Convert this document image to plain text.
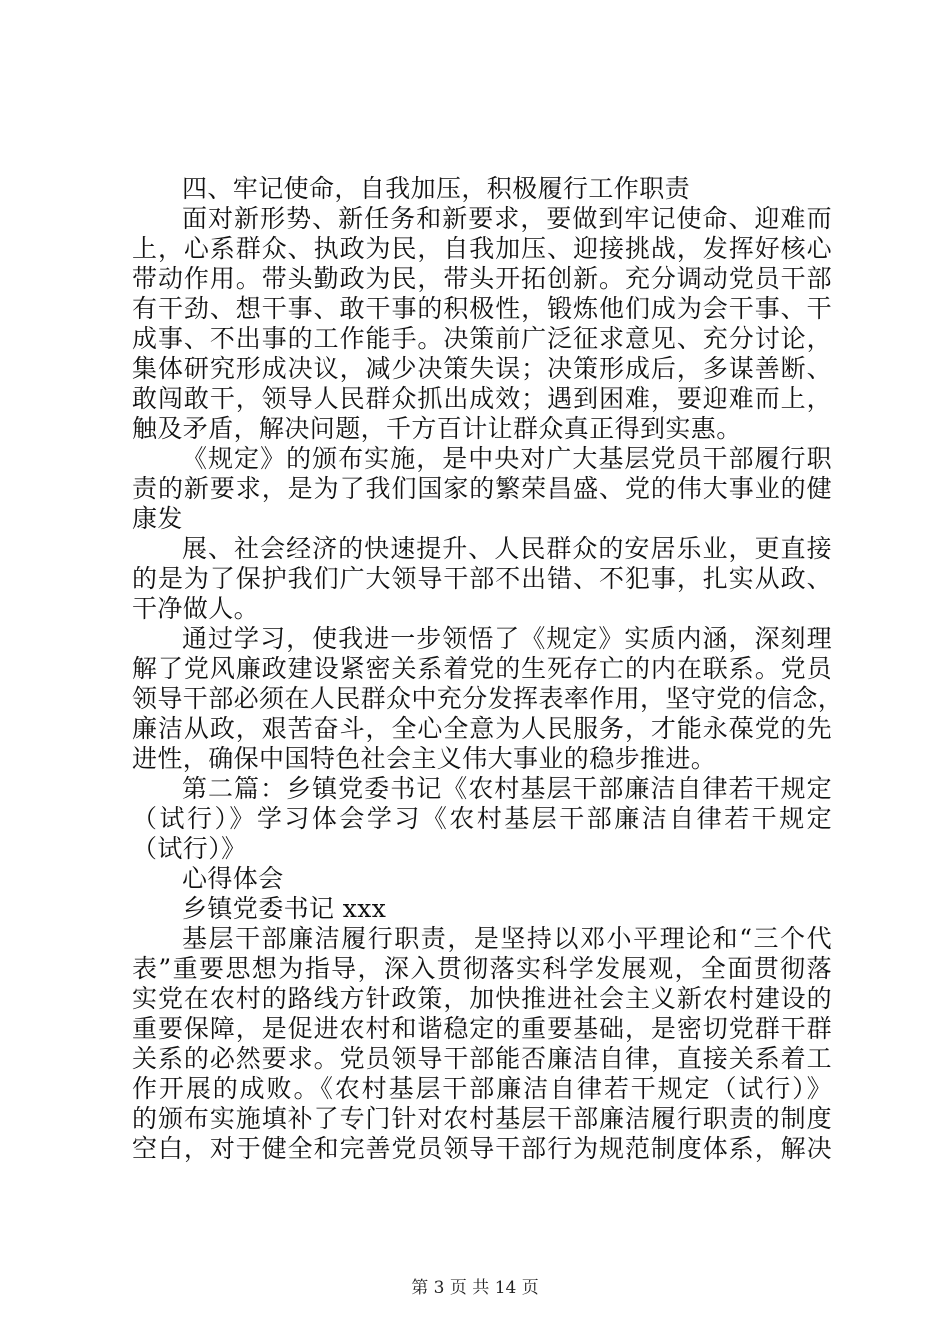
四、牢记使命，自我加压，积极履行工作职责
面对新形势、新任务和新要求，要做到牢记使命、迎难而
上，心系群众、执政为民，自我加压、迎接挑战，发挥好核心
带动作用。带头勤政为民，带头开拓创新。充分调动党员干部
有干劲、想干事、敢干事的积极性，锻炼他们成为会干事、干
成事、不出事的工作能手。决策前广泛征求意见、充分讨论，
集体研究形成决议，减少决策失误；决策形成后，多谋善断、
敢闯敢干，领导人民群众抓出成效；遇到困难，要迎难而上，
触及矛盾，解决问题，千方百计让群众真正得到实惠。
《规定》的颁布实施，是中央对广大基层党员干部履行职
责的新要求，是为了我们国家的繁荣昌盛、党的伟大事业的健
康发
展、社会经济的快速提升、人民群众的安居乐业，更直接
的是为了保护我们广大领导干部不出错、不犯事，扎实从政、
干净做人。
通过学习，使我进一步领悟了《规定》实质内涵，深刻理
解了党风廉政建设紧密关系着党的生死存亡的内在联系。党员
领导干部必须在人民群众中充分发挥表率作用，坚守党的信念，
廉洁从政，艰苦奋斗，全心全意为人民服务，才能永葆党的先
进性，确保中国特色社会主义伟大事业的稳步推进。
第二篇：乡镇党委书记《农村基层干部廉洁自律若干规定
（试行）》学习体会学习《农村基层干部廉洁自律若干规定
（试行）》
心得体会
乡镇党委书记 xxx
基层干部廉洁履行职责，是坚持以邓小平理论和“三个代
表”重要思想为指导，深入贯彻落实科学发展观，全面贯彻落
实党在农村的路线方针政策，加快推进社会主义新农村建设的
重要保障，是促进农村和谐稳定的重要基础，是密切党群干群
关系的必然要求。党员领导干部能否廉洁自律，直接关系着工
作开展的成败。《农村基层干部廉洁自律若干规定（试行）》
的颁布实施填补了专门针对农村基层干部廉洁履行职责的制度
空白，对于健全和完善党员领导干部行为规范制度体系，解决
第 3 页 共 14 页
